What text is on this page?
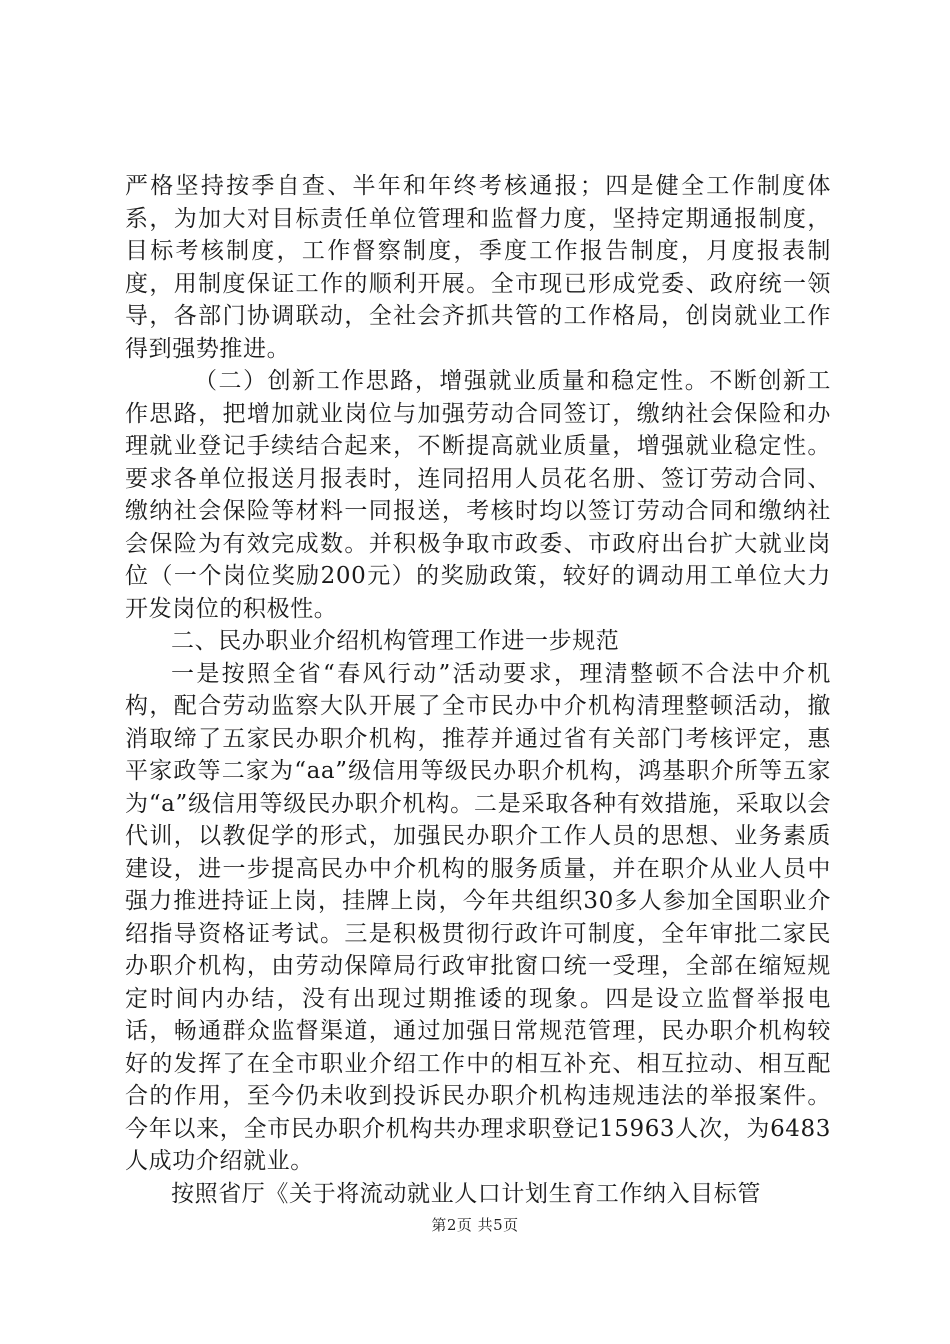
严格坚持按季自查、半年和年终考核通报；四是健全工作制度体系，为加大对目标责任单位管理和监督力度，坚持定期通报制度，目标考核制度，工作督察制度，季度工作报告制度，月度报表制度，用制度保证工作的顺利开展。全市现已形成党委、政府统一领导，各部门协调联动，全社会齐抓共管的工作格局，创岗就业工作得到强势推进。

（二）创新工作思路，增强就业质量和稳定性。不断创新工作思路，把增加就业岗位与加强劳动合同签订，缴纳社会保险和办理就业登记手续结合起来，不断提高就业质量，增强就业稳定性。要求各单位报送月报表时，连同招用人员花名册、签订劳动合同、缴纳社会保险等材料一同报送，考核时均以签订劳动合同和缴纳社会保险为有效完成数。并积极争取市政委、市政府出台扩大就业岗位（一个岗位奖励200元）的奖励政策，较好的调动用工单位大力开发岗位的积极性。

二、民办职业介绍机构管理工作进一步规范

一是按照全省“春风行动”活动要求，理清整顿不合法中介机构，配合劳动监察大队开展了全市民办中介机构清理整顿活动，撤消取缔了五家民办职介机构，推荐并通过省有关部门考核评定，惠平家政等二家为“aa”级信用等级民办职介机构，鸿基职介所等五家为“a”级信用等级民办职介机构。二是采取各种有效措施，采取以会代训，以教促学的形式，加强民办职介工作人员的思想、业务素质建设，进一步提高民办中介机构的服务质量，并在职介从业人员中强力推进持证上岗，挂牌上岗，今年共组织30多人参加全国职业介绍指导资格证考试。三是积极贯彻行政许可制度，全年审批二家民办职介机构，由劳动保障局行政审批窗口统一受理，全部在缩短规定时间内办结，没有出现过期推诿的现象。四是设立监督举报电话，畅通群众监督渠道，通过加强日常规范管理，民办职介机构较好的发挥了在全市职业介绍工作中的相互补充、相互拉动、相互配合的作用，至今仍未收到投诉民办职介机构违规违法的举报案件。今年以来，全市民办职介机构共办理求职登记15963人次，为6483人成功介绍就业。

按照省厅《关于将流动就业人口计划生育工作纳入目标管

第2页 共5页
